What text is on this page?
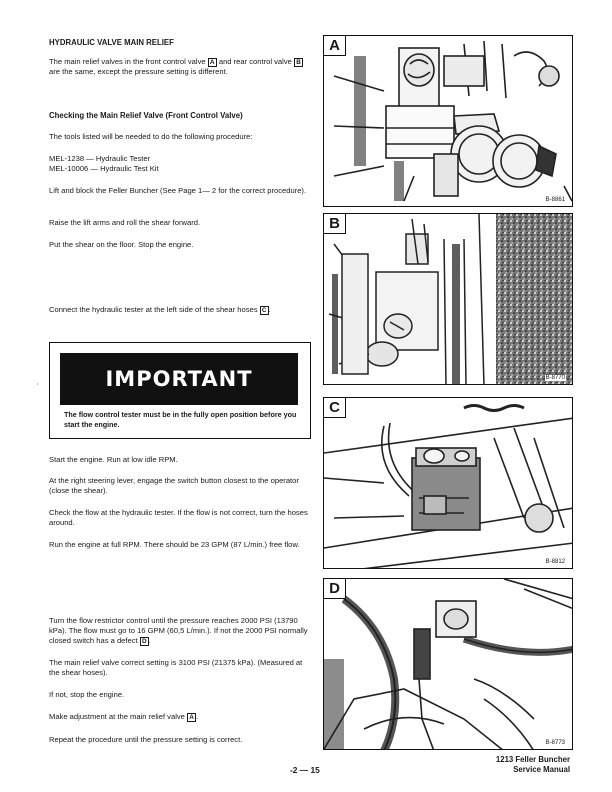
HYDRAULIC VALVE MAIN RELIEF

The main relief valves in the front control valve A and rear control valve B are the same, except the pressure setting is different.

Checking the Main Relief Valve (Front Control Valve)

The tools listed will be needed to do the following procedure:

MEL-1238 — Hydraulic Tester

MEL-10006 — Hydraulic Test Kit

Lift and block the Feller Buncher (See Page 1— 2 for the correct procedure).

Raise the lift arms and roll the shear forward.

Put the shear on the floor. Stop the engine.

Connect the hydraulic tester at the left side of the shear hoses C .

IMPORTANT
The flow control tester must be in the fully open position before you start the engine.
’

Start the engine. Run at low idle RPM.

At the right steering lever, engage the switch button closest to the operator (close the shear).

Check the flow at the hydraulic tester. If the flow is not correct, turn the hoses around.

Run the engine at full RPM. There should be 23 GPM (87 L/min.) free flow.

Turn the flow restrictor control until the pressure reaches 2000 PSI (13790 kPa). The flow must go to 16 GPM (60,5 L/min.). If not the 2000 PSI normally closed switch has a defect D .

The main relief valve correct setting is 3100 PSI (21375 kPa). (Measured at the shear hoses).

If not, stop the engine.

Make adjustment at the main relief valve A .

Repeat the procedure until the pressure setting is correct.

A
B-8861
B
B-8770
C
B-8812
D
B-8773
-2 — 15
1213 Feller Buncher
Service Manual
